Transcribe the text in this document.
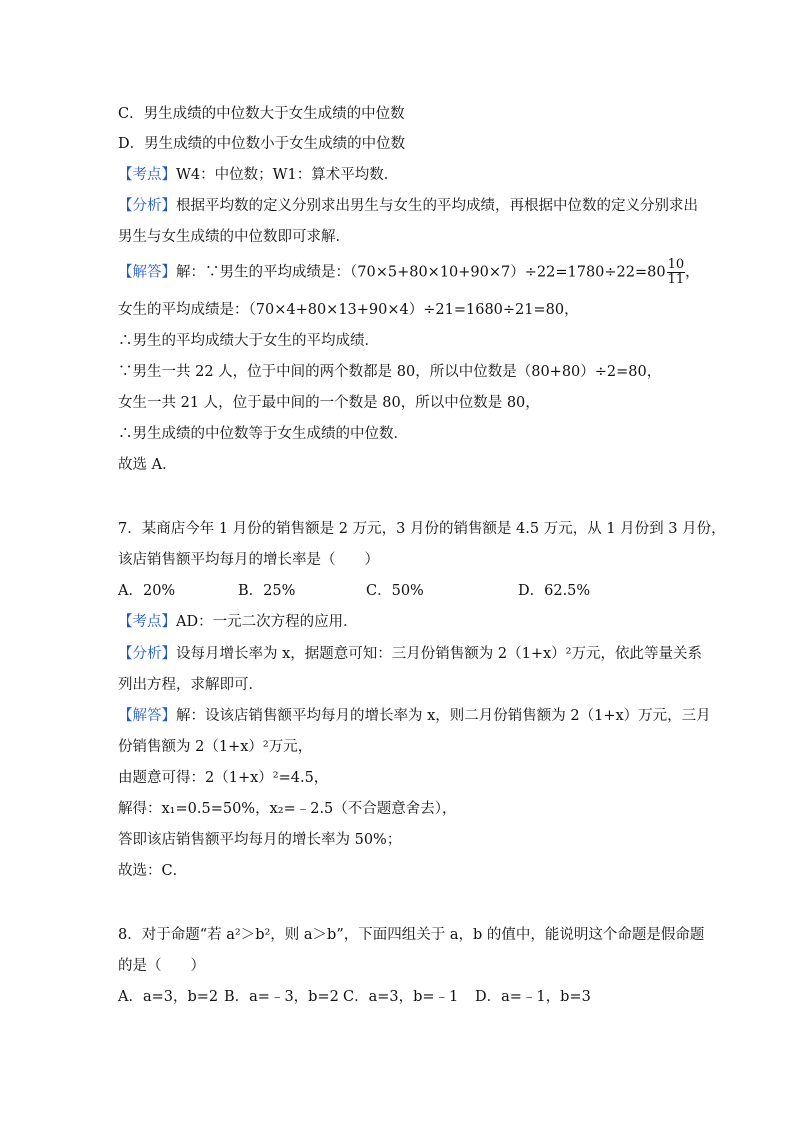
C．男生成绩的中位数大于女生成绩的中位数
D．男生成绩的中位数小于女生成绩的中位数
【考点】W4：中位数；W1：算术平均数．
【分析】根据平均数的定义分别求出男生与女生的平均成绩，再根据中位数的定义分别求出
男生与女生成绩的中位数即可求解．
【解答】解：∵男生的平均成绩是：$(70\times 5+80\times 10+90\times 7)\div 22=1780\div 22=80 \frac{10}{11}$ ，
女生的平均成绩是：（70×4+80×13+90×4）÷21=1680÷21=80，
∴男生的平均成绩大于女生的平均成绩．
∵男生一共 22 人，位于中间的两个数都是 80，所以中位数是（80+80）÷2=80，
女生一共 21 人，位于最中间的一个数是 80，所以中位数是 80，
∴男生成绩的中位数等于女生成绩的中位数．
故选 A．
7．某商店今年 1 月份的销售额是 2 万元，3 月份的销售额是 4.5 万元，从 1 月份到 3 月份，
该店销售额平均每月的增长率是（　　）
A．20%	B．25%	C．50%	D．62.5%
【考点】AD：一元二次方程的应用．
【分析】设每月增长率为 x，据题意可知：三月份销售额为 2（1+x）²万元，依此等量关系
列出方程，求解即可．
【解答】解：设该店销售额平均每月的增长率为 x，则二月份销售额为 2（1+x）万元，三月
份销售额为 2（1+x）²万元，
由题意可得：2（1+x）²=4.5，
解得：x₁=0.5=50%，x₂=﹣2.5（不合题意舍去），
答即该店销售额平均每月的增长率为 50%；
故选：C．
8．对于命题“若 a²＞b²，则 a＞b”，下面四组关于 a，b 的值中，能说明这个命题是假命题
的是（　　）
A．a=3，b=2 B．a=﹣3，b=2 C．a=3，b=﹣1 D．a=﹣1，b=3
